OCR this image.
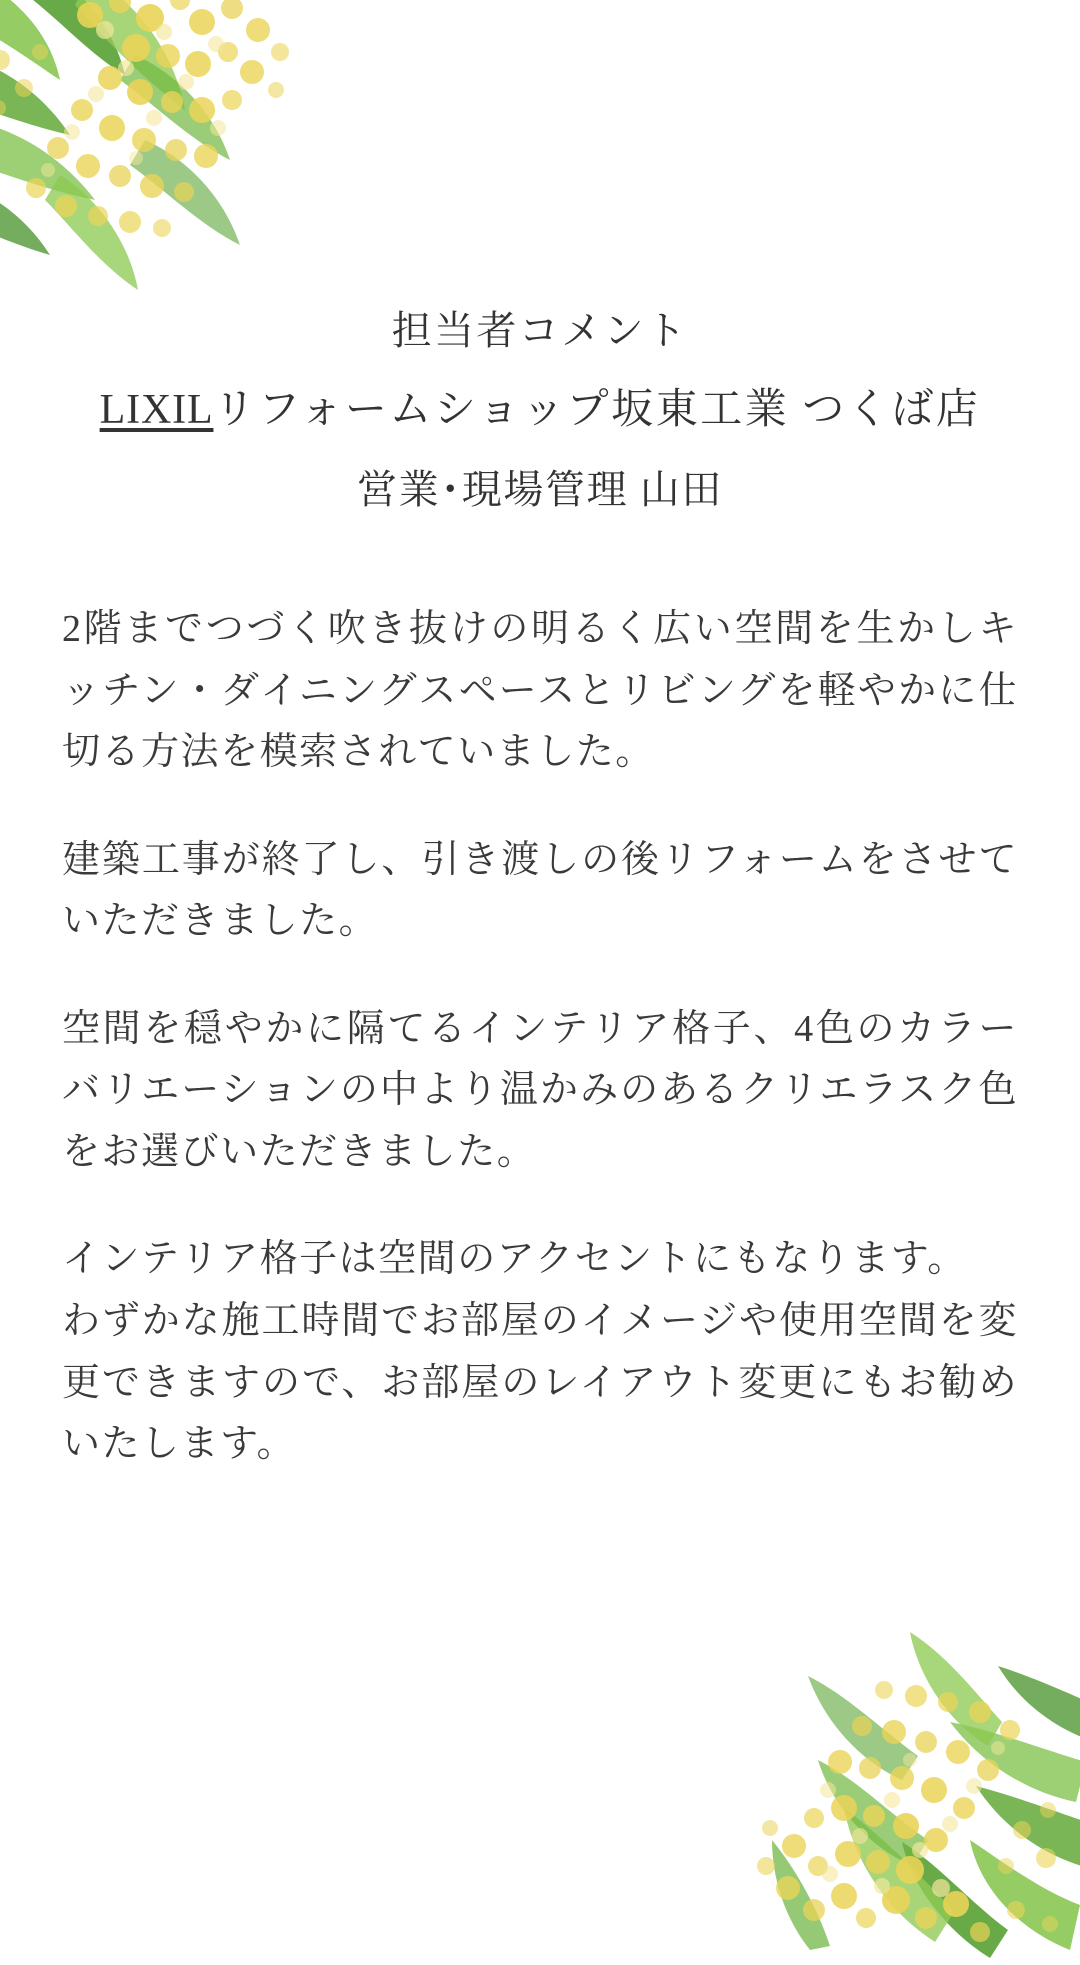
担当者コメント
LIXILリフォームショップ坂東工業 つくば店
営業･現場管理 山田

2階までつづく吹き抜けの明るく広い空間を生かしキッチン・ダイニングスペースとリビングを軽やかに仕切る方法を模索されていました。

建築工事が終了し、引き渡しの後リフォームをさせていただきました。

空間を穏やかに隔てるインテリア格子、4色のカラーバリエーションの中より温かみのあるクリエラスク色をお選びいただきました。

インテリア格子は空間のアクセントにもなります。

わずかな施工時間でお部屋のイメージや使用空間を変更できますので、お部屋のレイアウト変更にもお勧めいたします。
